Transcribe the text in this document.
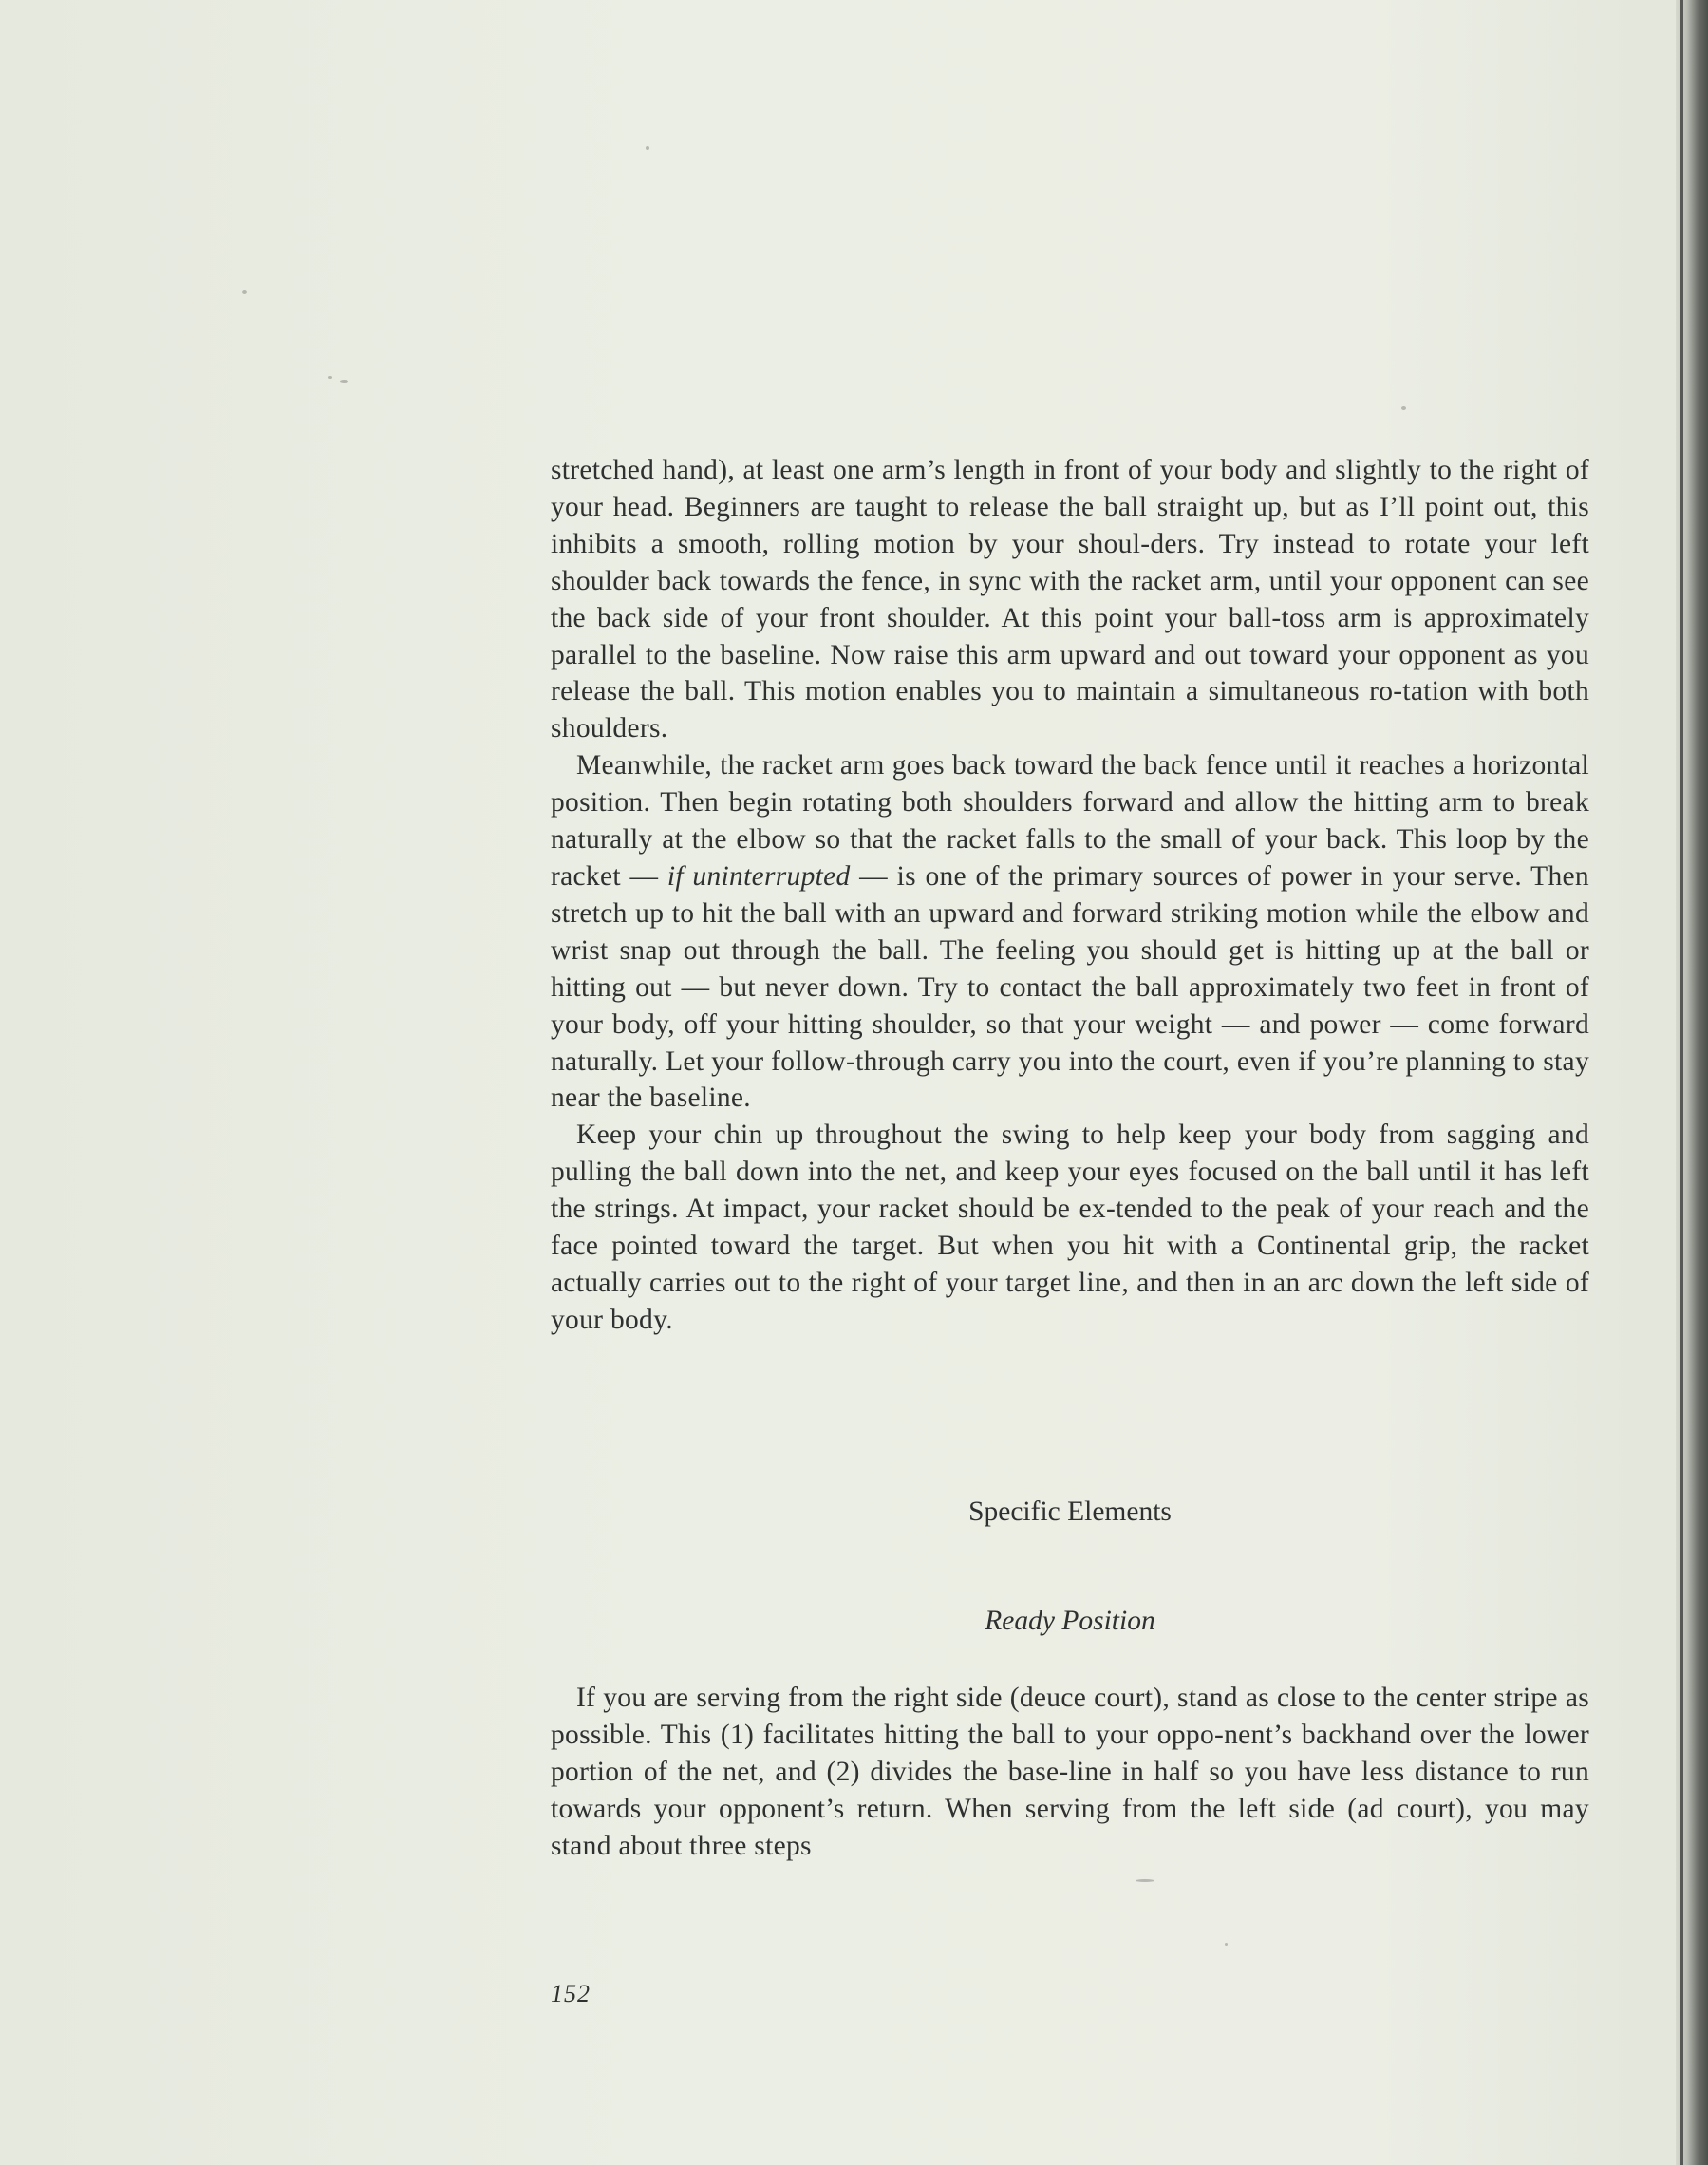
stretched hand), at least one arm’s length in front of your body and slightly to the right of your head. Beginners are taught to release the ball straight up, but as I’ll point out, this inhibits a smooth, rolling motion by your shoul-ders. Try instead to rotate your left shoulder back towards the fence, in sync with the racket arm, until your opponent can see the back side of your front shoulder. At this point your ball-toss arm is approximately parallel to the baseline. Now raise this arm upward and out toward your opponent as you release the ball. This motion enables you to maintain a simultaneous ro-tation with both shoulders.

Meanwhile, the racket arm goes back toward the back fence until it reaches a horizontal position. Then begin rotating both shoulders forward and allow the hitting arm to break naturally at the elbow so that the racket falls to the small of your back. This loop by the racket — if uninterrupted — is one of the primary sources of power in your serve. Then stretch up to hit the ball with an upward and forward striking motion while the elbow and wrist snap out through the ball. The feeling you should get is hitting up at the ball or hitting out — but never down. Try to contact the ball approximately two feet in front of your body, off your hitting shoulder, so that your weight — and power — come forward naturally. Let your follow-through carry you into the court, even if you’re planning to stay near the baseline.

Keep your chin up throughout the swing to help keep your body from sagging and pulling the ball down into the net, and keep your eyes focused on the ball until it has left the strings. At impact, your racket should be ex-tended to the peak of your reach and the face pointed toward the target. But when you hit with a Continental grip, the racket actually carries out to the right of your target line, and then in an arc down the left side of your body.

Specific Elements
Ready Position

If you are serving from the right side (deuce court), stand as close to the center stripe as possible. This (1) facilitates hitting the ball to your oppo-nent’s backhand over the lower portion of the net, and (2) divides the base-line in half so you have less distance to run towards your opponent’s return. When serving from the left side (ad court), you may stand about three steps

152
